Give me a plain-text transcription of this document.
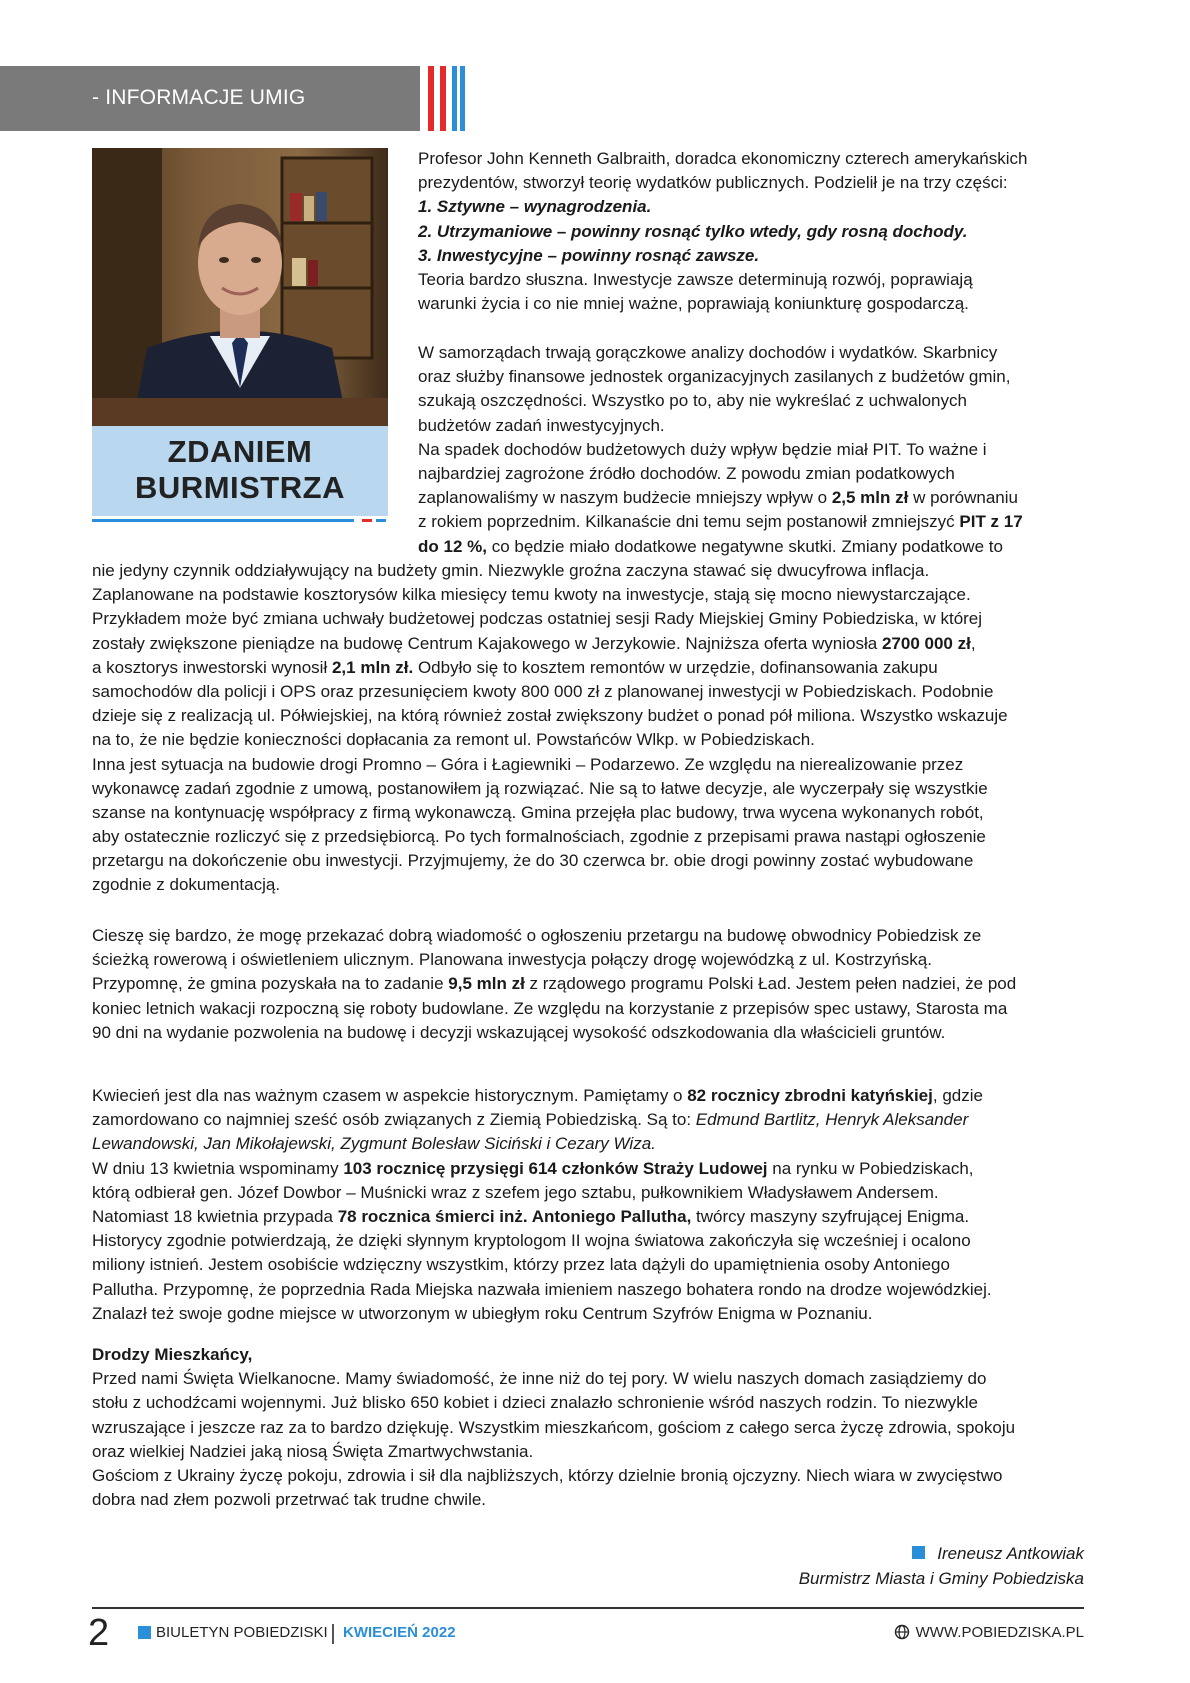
- INFORMACJE UMIG
ZDANIEM
BURMISTRZA
Profesor John Kenneth Galbraith, doradca ekonomiczny czterech amerykańskich
prezydentów, stworzył teorię wydatków publicznych. Podzielił je na trzy części:
1. Sztywne – wynagrodzenia.
2. Utrzymaniowe – powinny rosnąć tylko wtedy, gdy rosną dochody.
3. Inwestycyjne – powinny rosnąć zawsze.
Teoria bardzo słuszna. Inwestycje zawsze determinują rozwój, poprawiają
warunki życia i co nie mniej ważne, poprawiają koniunkturę gospodarczą.
W samorządach trwają gorączkowe analizy dochodów i wydatków. Skarbnicy
oraz służby finansowe jednostek organizacyjnych zasilanych z budżetów gmin,
szukają oszczędności. Wszystko po to, aby nie wykreślać z uchwalonych
budżetów zadań inwestycyjnych.
Na spadek dochodów budżetowych duży wpływ będzie miał PIT. To ważne i
najbardziej zagrożone źródło dochodów. Z powodu zmian podatkowych
zaplanowaliśmy w naszym budżecie mniejszy wpływ o 2,5 mln zł w porównaniu
z rokiem poprzednim. Kilkanaście dni temu sejm postanowił zmniejszyć PIT z 17
do 12 %, co będzie miało dodatkowe negatywne skutki. Zmiany podatkowe to
nie jedyny czynnik oddziaływujący na budżety gmin. Niezwykle groźna zaczyna stawać się dwucyfrowa inflacja.
Zaplanowane na podstawie kosztorysów kilka miesięcy temu kwoty na inwestycje, stają się mocno niewystarczające.
Przykładem może być zmiana uchwały budżetowej podczas ostatniej sesji Rady Miejskiej Gminy Pobiedziska, w której
zostały zwiększone pieniądze na budowę Centrum Kajakowego w Jerzykowie. Najniższa oferta wyniosła 2700 000 zł,
a kosztorys inwestorski wynosił 2,1 mln zł. Odbyło się to kosztem remontów w urzędzie, dofinansowania zakupu
samochodów dla policji i OPS oraz przesunięciem kwoty 800 000 zł z planowanej inwestycji w Pobiedziskach. Podobnie
dzieje się z realizacją ul. Półwiejskiej, na którą również został zwiększony budżet o ponad pół miliona. Wszystko wskazuje
na to, że nie będzie konieczności dopłacania za remont ul. Powstańców Wlkp. w Pobiedziskach.
Inna jest sytuacja na budowie drogi Promno – Góra i Łagiewniki – Podarzewo. Ze względu na nierealizowanie przez
wykonawcę zadań zgodnie z umową, postanowiłem ją rozwiązać. Nie są to łatwe decyzje, ale wyczerpały się wszystkie
szanse na kontynuację współpracy z firmą wykonawczą. Gmina przejęła plac budowy, trwa wycena wykonanych robót,
aby ostatecznie rozliczyć się z przedsiębiorcą. Po tych formalnościach, zgodnie z przepisami prawa nastąpi ogłoszenie
przetargu na dokończenie obu inwestycji. Przyjmujemy, że do 30 czerwca br. obie drogi powinny zostać wybudowane
zgodnie z dokumentacją.
Cieszę się bardzo, że mogę przekazać dobrą wiadomość o ogłoszeniu przetargu na budowę obwodnicy Pobiedzisk ze
ścieżką rowerową i oświetleniem ulicznym. Planowana inwestycja połączy drogę wojewódzką z ul. Kostrzyńską.
Przypomnę, że gmina pozyskała na to zadanie 9,5 mln zł z rządowego programu Polski Ład. Jestem pełen nadziei, że pod
koniec letnich wakacji rozpoczną się roboty budowlane. Ze względu na korzystanie z przepisów spec ustawy, Starosta ma
90 dni na wydanie pozwolenia na budowę i decyzji wskazującej wysokość odszkodowania dla właścicieli gruntów.
Kwiecień jest dla nas ważnym czasem w aspekcie historycznym. Pamiętamy o 82 rocznicy zbrodni katyńskiej, gdzie
zamordowano co najmniej sześć osób związanych z Ziemią Pobiedziską. Są to: Edmund Bartlitz, Henryk Aleksander
Lewandowski, Jan Mikołajewski, Zygmunt Bolesław Siciński i Cezary Wiza.
W dniu 13 kwietnia wspominamy 103 rocznicę przysięgi 614 członków Straży Ludowej na rynku w Pobiedziskach,
którą odbierał gen. Józef Dowbor – Muśnicki wraz z szefem jego sztabu, pułkownikiem Władysławem Andersem.
Natomiast 18 kwietnia przypada 78 rocznica śmierci inż. Antoniego Pallutha, twórcy maszyny szyfrującej Enigma.
Historycy zgodnie potwierdzają, że dzięki słynnym kryptologom II wojna światowa zakończyła się wcześniej i ocalono
miliony istnień. Jestem osobiście wdzięczny wszystkim, którzy przez lata dążyli do upamiętnienia osoby Antoniego
Pallutha. Przypomnę, że poprzednia Rada Miejska nazwała imieniem naszego bohatera rondo na drodze wojewódzkiej.
Znalazł też swoje godne miejsce w utworzonym w ubiegłym roku Centrum Szyfrów Enigma w Poznaniu.
Drodzy Mieszkańcy,
Przed nami Święta Wielkanocne. Mamy świadomość, że inne niż do tej pory. W wielu naszych domach zasiądziemy do
stołu z uchodźcami wojennymi. Już blisko 650 kobiet i dzieci znalazło schronienie wśród naszych rodzin. To niezwykle
wzruszające i jeszcze raz za to bardzo dziękuję. Wszystkim mieszkańcom, gościom z całego serca życzę zdrowia, spokoju
oraz wielkiej Nadziei jaką niosą Święta Zmartwychwstania.
Gościom z Ukrainy życzę pokoju, zdrowia i sił dla najbliższych, którzy dzielnie bronią ojczyzny. Niech wiara w zwycięstwo
dobra nad złem pozwoli przetrwać tak trudne chwile.
Ireneusz Antkowiak
Burmistrz Miasta i Gminy Pobiedziska
2	BIULETYN POBIEDZISKI KWIECIEŃ 2022	WWW.POBIEDZISKA.PL
